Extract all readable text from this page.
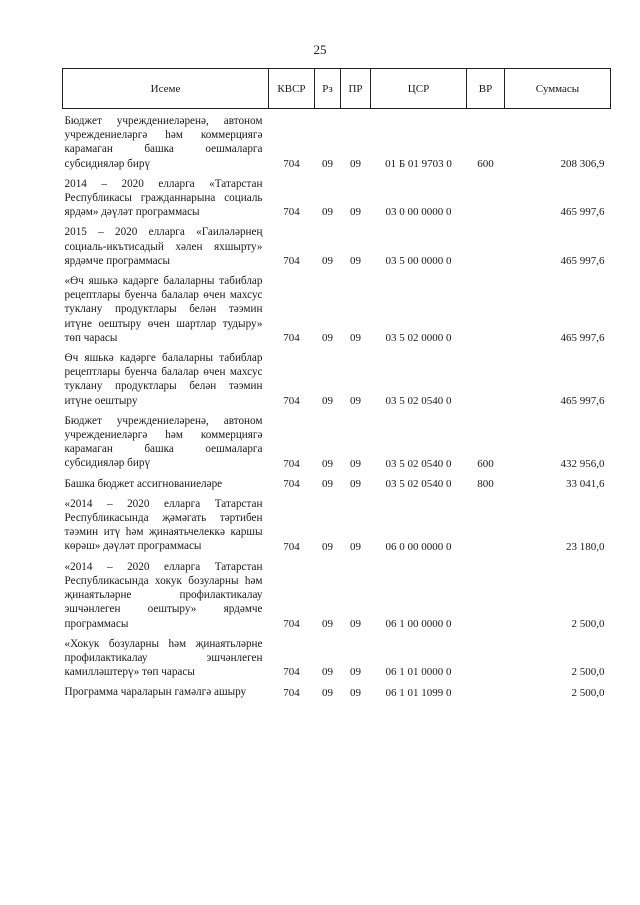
25
Исеме	КВСР	Рз	ПР	ЦСР	ВР	Суммасы
Бюджет учреждениеләренә, автоном учреждениеләргә һәм коммерциягә карамаган башка оешмаларга субсидияләр бирү	704	09	09	01 Б 01 9703 0	600	208 306,9
2014 – 2020 елларга «Татарстан Республикасы гражданнарына социаль ярдәм» дәүләт программасы	704	09	09	03 0 00 0000 0		465 997,6
2015 – 2020 елларга «Гаиләләрнең социаль-икътисадый хәлен яхшырту» ярдәмче программасы	704	09	09	03 5 00 0000 0		465 997,6
«Өч яшькә кадәрге балаларны табиблар рецептлары буенча балалар өчен махсус туклану продуктлары белән тәэмин итүне оештыру өчен шартлар тудыру» төп чарасы	704	09	09	03 5 02 0000 0		465 997,6
Өч яшькә кадәрге балаларны табиблар рецептлары буенча балалар өчен махсус туклану продуктлары белән тәэмин итүне оештыру	704	09	09	03 5 02 0540 0		465 997,6
Бюджет учреждениеләренә, автоном учреждениеләргә һәм коммерциягә карамаган башка оешмаларга субсидияләр бирү	704	09	09	03 5 02 0540 0	600	432 956,0
Башка бюджет ассигнованиеләре	704	09	09	03 5 02 0540 0	800	33 041,6
«2014 – 2020 елларга Татарстан Республикасында җәмәгать тәртибен тәэмин итү һәм җинаятьчелеккә каршы көрәш» дәүләт программасы	704	09	09	06 0 00 0000 0		23 180,0
«2014 – 2020 елларга Татарстан Республикасында хокук бозуларны һәм җинаятьләрне профилактикалау эшчәнлеген оештыру» ярдәмче программасы	704	09	09	06 1 00 0000 0		2 500,0
«Хокук бозуларны һәм җинаятьләрне профилактикалау эшчәнлеген камилләштерү» төп чарасы	704	09	09	06 1 01 0000 0		2 500,0
Программа чараларын гамәлгә ашыру	704	09	09	06 1 01 1099 0		2 500,0
